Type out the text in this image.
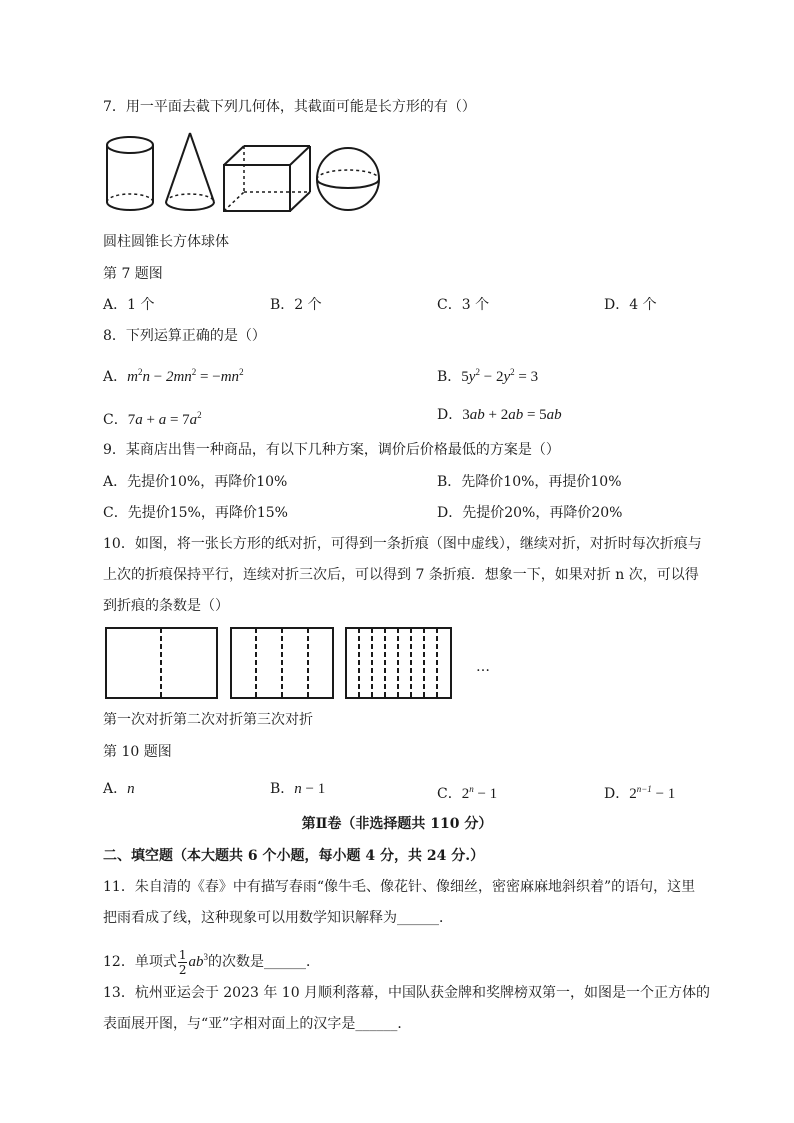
7．用一平面去截下列几何体，其截面可能是长方形的有（）
圆柱圆锥长方体球体
第 7 题图
A．1 个	B．2 个	C．3 个	D．4 个
8．下列运算正确的是（）
A．$m^2n - 2mn^2 = -mn^2$	B．$5y^2 - 2y^2 = 3$
C．$7a + a = 7a^2$	D．3ab + 2ab = 5ab
9．某商店出售一种商品，有以下几种方案，调价后价格最低的方案是（）
A．先提价10%，再降价10%	B．先降价10%，再提价10%
C．先提价15%，再降价15%	D．先提价20%，再降价20%
10．如图，将一张长方形的纸对折，可得到一条折痕（图中虚线），继续对折，对折时每次折痕与
上次的折痕保持平行，连续对折三次后，可以得到 7 条折痕．想象一下，如果对折 n 次，可以得
到折痕的条数是（）
…
第一次对折第二次对折第三次对折
第 10 题图
A．n	B．n − 1	C．$2^n - 1$	D．$2^{n-1} - 1$
第Ⅱ卷（非选择题共 110 分）
二、填空题（本大题共 6 个小题，每小题 4 分，共 24 分.）
11．朱自清的《春》中有描写春雨“像牛毛、像花针、像细丝，密密麻麻地斜织着”的语句，这里
把雨看成了线，这种现象可以用数学知识解释为______．
12．单项式 $\frac{1}{2} ab^3$的次数是______．
13．杭州亚运会于 2023 年 10 月顺利落幕，中国队获金牌和奖牌榜双第一，如图是一个正方体的
表面展开图，与“亚”字相对面上的汉字是______．
